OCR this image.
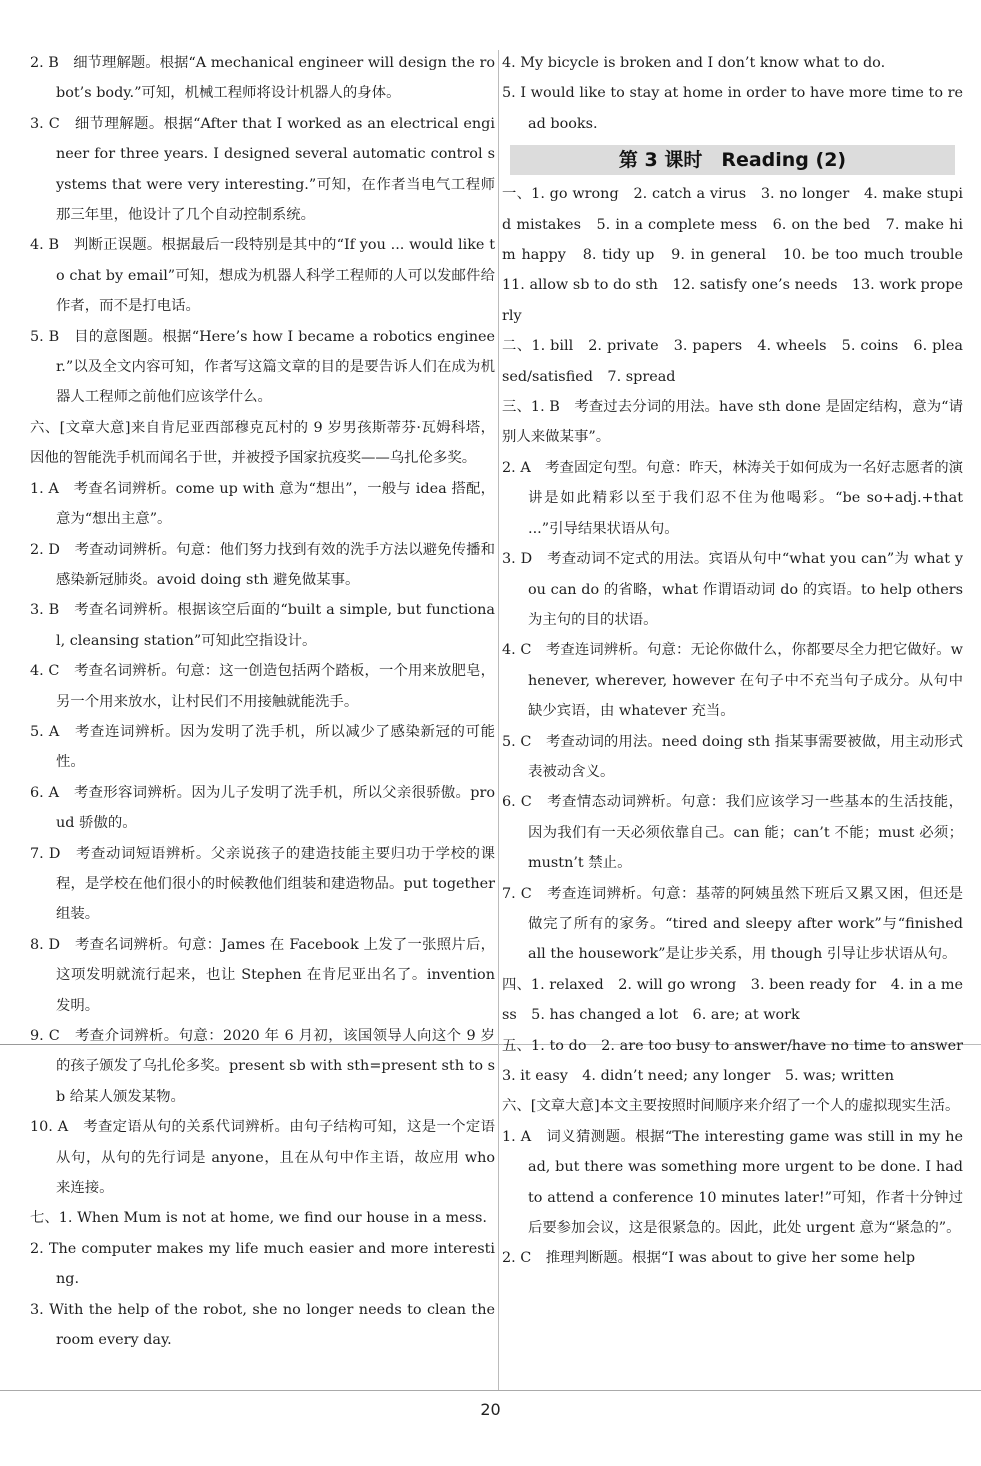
2. B　细节理解题。根据“A mechanical engineer will design the robot’s body.”可知，机械工程师将设计机器人的身体。

3. C　细节理解题。根据“After that I worked as an electrical engineer for three years. I designed several automatic control systems that were very interesting.”可知，在作者当电气工程师那三年里，他设计了几个自动控制系统。

4. B　判断正误题。根据最后一段特别是其中的“If you ... would like to chat by email”可知，想成为机器人科学工程师的人可以发邮件给作者，而不是打电话。

5. B　目的意图题。根据“Here’s how I became a robotics engineer.”以及全文内容可知，作者写这篇文章的目的是要告诉人们在成为机器人工程师之前他们应该学什么。

六、[文章大意]来自肯尼亚西部穆克瓦村的 9 岁男孩斯蒂芬·瓦姆科塔，因他的智能洗手机而闻名于世，并被授予国家抗疫奖——乌扎伦多奖。

1. A　考查名词辨析。come up with 意为“想出”，一般与 idea 搭配，意为“想出主意”。

2. D　考查动词辨析。句意：他们努力找到有效的洗手方法以避免传播和感染新冠肺炎。avoid doing sth 避免做某事。

3. B　考查名词辨析。根据该空后面的“built a simple, but functional, cleansing station”可知此空指设计。

4. C　考查名词辨析。句意：这一创造包括两个踏板，一个用来放肥皂，另一个用来放水，让村民们不用接触就能洗手。

5. A　考查连词辨析。因为发明了洗手机，所以减少了感染新冠的可能性。

6. A　考查形容词辨析。因为儿子发明了洗手机，所以父亲很骄傲。proud 骄傲的。

7. D　考查动词短语辨析。父亲说孩子的建造技能主要归功于学校的课程，是学校在他们很小的时候教他们组装和建造物品。put together 组装。

8. D　考查名词辨析。句意：James 在 Facebook 上发了一张照片后，这项发明就流行起来，也让 Stephen 在肯尼亚出名了。invention 发明。

9. C　考查介词辨析。句意：2020 年 6 月初，该国领导人向这个 9 岁的孩子颁发了乌扎伦多奖。present sb with sth=present sth to sb 给某人颁发某物。

10. A　考查定语从句的关系代词辨析。由句子结构可知，这是一个定语从句，从句的先行词是 anyone，且在从句中作主语，故应用 who 来连接。

七、1. When Mum is not at home, we find our house in a mess.

2. The computer makes my life much easier and more interesting.

3. With the help of the robot, she no longer needs to clean the room every day.

4. My bicycle is broken and I don’t know what to do.

5. I would like to stay at home in order to have more time to read books.

第 3 课时　Reading (2)

一、1. go wrong　2. catch a virus　3. no longer　4. make stupid mistakes　5. in a complete mess　6. on the bed　7. make him happy　8. tidy up　9. in general　10. be too much trouble　11. allow sb to do sth　12. satisfy one’s needs　13. work properly

二、1. bill　2. private　3. papers　4. wheels　5. coins　6. pleased/satisfied　7. spread

三、1. B　考查过去分词的用法。have sth done 是固定结构，意为“请别人来做某事”。

2. A　考查固定句型。句意：昨天，林涛关于如何成为一名好志愿者的演讲是如此精彩以至于我们忍不住为他喝彩。“be so+adj.+that ...”引导结果状语从句。

3. D　考查动词不定式的用法。宾语从句中“what you can”为 what you can do 的省略，what 作谓语动词 do 的宾语。to help others 为主句的目的状语。

4. C　考查连词辨析。句意：无论你做什么，你都要尽全力把它做好。whenever, wherever, however 在句子中不充当句子成分。从句中缺少宾语，由 whatever 充当。

5. C　考查动词的用法。need doing sth 指某事需要被做，用主动形式表被动含义。

6. C　考查情态动词辨析。句意：我们应该学习一些基本的生活技能，因为我们有一天必须依靠自己。can 能；can’t 不能；must 必须；mustn’t 禁止。

7. C　考查连词辨析。句意：基蒂的阿姨虽然下班后又累又困，但还是做完了所有的家务。“tired and sleepy after work”与“finished all the housework”是让步关系，用 though 引导让步状语从句。

四、1. relaxed　2. will go wrong　3. been ready for　4. in a mess　5. has changed a lot　6. are; at work

五、1. to do　2. are too busy to answer/have no time to answer　3. it easy　4. didn’t need; any longer　5. was; written

六、[文章大意]本文主要按照时间顺序来介绍了一个人的虚拟现实生活。

1. A　词义猜测题。根据“The interesting game was still in my head, but there was something more urgent to be done. I had to attend a conference 10 minutes later!”可知，作者十分钟过后要参加会议，这是很紧急的。因此，此处 urgent 意为“紧急的”。

2. C　推理判断题。根据“I was about to give her some help

20
